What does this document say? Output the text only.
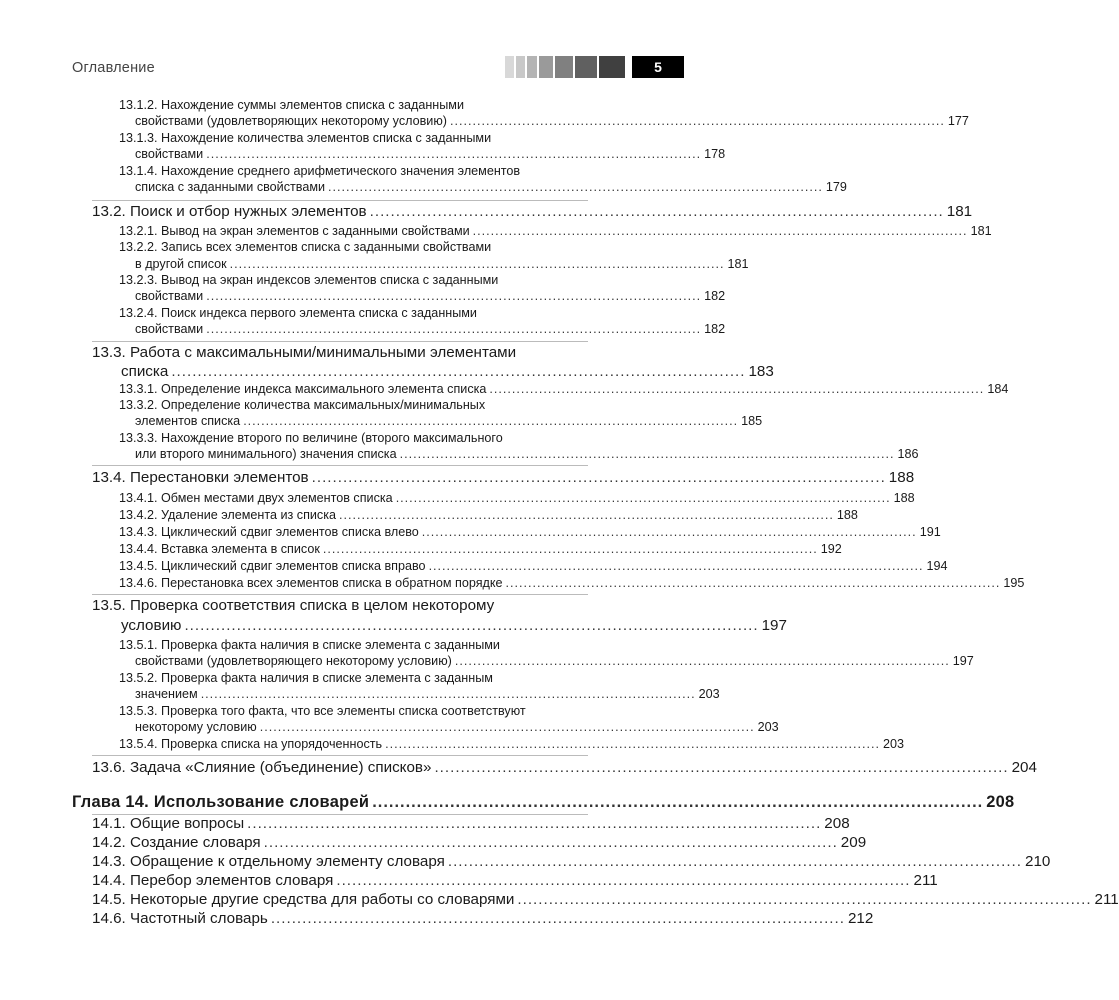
Оглавление	5
13.1.2. Нахождение суммы элементов списка с заданными
свойствами (удовлетворяющих некоторому условию) .............................................................................................................. 177
13.1.3. Нахождение количества элементов списка с заданными
свойствами .............................................................................................................. 178
13.1.4. Нахождение среднего арифметического значения элементов
списка с заданными свойствами .............................................................................................................. 179
13.2. Поиск и отбор нужных элементов .............................................................................................................. 181
13.2.1. Вывод на экран элементов с заданными свойствами .............................................................................................................. 181
13.2.2. Запись всех элементов списка с заданными свойствами
в другой список .............................................................................................................. 181
13.2.3. Вывод на экран индексов элементов списка с заданными
свойствами .............................................................................................................. 182
13.2.4. Поиск индекса первого элемента списка с заданными
свойствами .............................................................................................................. 182
13.3. Работа с максимальными/минимальными элементами
списка .............................................................................................................. 183
13.3.1. Определение индекса максимального элемента списка .............................................................................................................. 184
13.3.2. Определение количества максимальных/минимальных
элементов списка .............................................................................................................. 185
13.3.3. Нахождение второго по величине (второго максимального
или второго минимального) значения списка .............................................................................................................. 186
13.4. Перестановки элементов .............................................................................................................. 188
13.4.1. Обмен местами двух элементов списка .............................................................................................................. 188
13.4.2. Удаление элемента из списка .............................................................................................................. 188
13.4.3. Циклический сдвиг элементов списка влево .............................................................................................................. 191
13.4.4. Вставка элемента в список .............................................................................................................. 192
13.4.5. Циклический сдвиг элементов списка вправо .............................................................................................................. 194
13.4.6. Перестановка всех элементов списка в обратном порядке .............................................................................................................. 195
13.5. Проверка соответствия списка в целом некоторому
условию .............................................................................................................. 197
13.5.1. Проверка факта наличия в списке элемента с заданными
свойствами (удовлетворяющего некоторому условию) .............................................................................................................. 197
13.5.2. Проверка факта наличия в списке элемента с заданным
значением .............................................................................................................. 203
13.5.3. Проверка того факта, что все элементы списка соответствуют
некоторому условию .............................................................................................................. 203
13.5.4. Проверка списка на упорядоченность .............................................................................................................. 203
13.6. Задача «Слияние (объединение) списков» .............................................................................................................. 204
Глава 14. Использование словарей .............................................................................................................. 208
14.1. Общие вопросы .............................................................................................................. 208
14.2. Создание словаря .............................................................................................................. 209
14.3. Обращение к отдельному элементу словаря .............................................................................................................. 210
14.4. Перебор элементов словаря .............................................................................................................. 211
14.5. Некоторые другие средства для работы со словарями .............................................................................................................. 211
14.6. Частотный словарь .............................................................................................................. 212
